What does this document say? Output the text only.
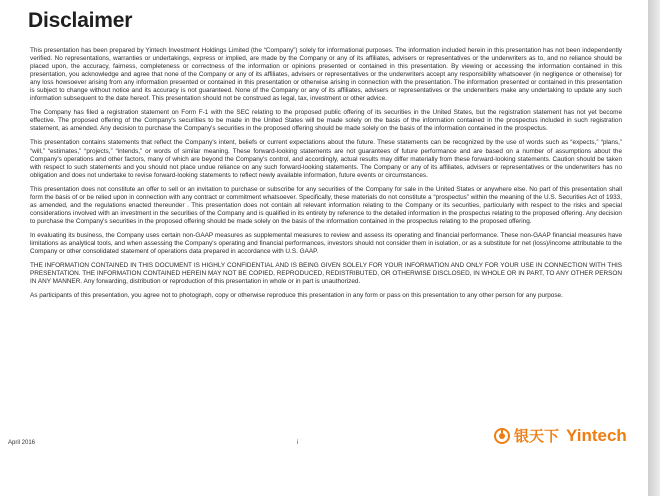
Disclaimer

This presentation has been prepared by Yintech Investment Holdings Limited (the “Company”) solely for informational purposes. The information included herein in this presentation has not been independently verified. No representations, warranties or undertakings, express or implied, are made by the Company or any of its affiliates, advisers or representatives or the underwriters as to, and no reliance should be placed upon, the accuracy, fairness, completeness or correctness of the information or opinions presented or contained in this presentation. By viewing or accessing the information contained in this presentation, you acknowledge and agree that none of the Company or any of its affiliates, advisers or representatives or the underwriters accept any responsibility whatsoever (in negligence or otherwise) for any loss howsoever arising from any information presented or contained in this presentation or otherwise arising in connection with the presentation. The information presented or contained in this presentation is subject to change without notice and its accuracy is not guaranteed. None of the Company or any of its affiliates, advisers or representatives or the underwriters make any undertaking to update any such information subsequent to the date hereof. This presentation should not be construed as legal, tax, investment or other advice.

The Company has filed a registration statement on Form F-1 with the SEC relating to the proposed public offering of its securities in the United States, but the registration statement has not yet become effective. The proposed offering of the Company's securities to be made in the United States will be made solely on the basis of the information contained in the prospectus included in such registration statement, as amended. Any decision to purchase the Company's securities in the proposed offering should be made solely on the basis of the information contained in the prospectus.

This presentation contains statements that reflect the Company's intent, beliefs or current expectations about the future. These statements can be recognized by the use of words such as “expects,” “plans,” “will,” “estimates,” “projects,” “intends,” or words of similar meaning. These forward-looking statements are not guarantees of future performance and are based on a number of assumptions about the Company's operations and other factors, many of which are beyond the Company's control, and accordingly, actual results may differ materially from these forward-looking statements. Caution should be taken with respect to such statements and you should not place undue reliance on any such forward-looking statements. The Company or any of its affiliates, advisers or representatives or the underwriters has no obligation and does not undertake to revise forward-looking statements to reflect newly available information, future events or circumstances.

This presentation does not constitute an offer to sell or an invitation to purchase or subscribe for any securities of the Company for sale in the United States or anywhere else. No part of this presentation shall form the basis of or be relied upon in connection with any contract or commitment whatsoever. Specifically, these materials do not constitute a “prospectus” within the meaning of the U.S. Securities Act of 1933, as amended, and the regulations enacted thereunder . This presentation does not contain all relevant information relating to the Company or its securities, particularly with respect to the risks and special considerations involved with an investment in the securities of the Company and is qualified in its entirety by reference to the detailed information in the prospectus relating to the proposed offering. Any decision to purchase the Company's securities in the proposed offering should be made solely on the basis of the information contained in the prospectus relating to the proposed offering.

In evaluating its business, the Company uses certain non-GAAP measures as supplemental measures to review and assess its operating and financial performance. These non-GAAP financial measures have limitations as analytical tools, and when assessing the Company's operating and financial performances, investors should not consider them in isolation, or as a substitute for net (loss)/income attributable to the Company or other consolidated statement of operations data prepared in accordance with U.S. GAAP.

THE INFORMATION CONTAINED IN THIS DOCUMENT IS HIGHLY CONFIDENTIAL AND IS BEING GIVEN SOLELY FOR YOUR INFORMATION AND ONLY FOR YOUR USE IN CONNECTION WITH THIS PRESENTATION. THE INFORMATION CONTAINED HEREIN MAY NOT BE COPIED, REPRODUCED, REDISTRIBUTED, OR OTHERWISE DISCLOSED, IN WHOLE OR IN PART, TO ANY OTHER PERSON IN ANY MANNER. Any forwarding, distribution or reproduction of this presentation in whole or in part is unauthorized.

As participants of this presentation, you agree not to photograph, copy or otherwise reproduce this presentation in any form or pass on this presentation to any other person for any purpose.

April 2016	i	银天下 Yintech
